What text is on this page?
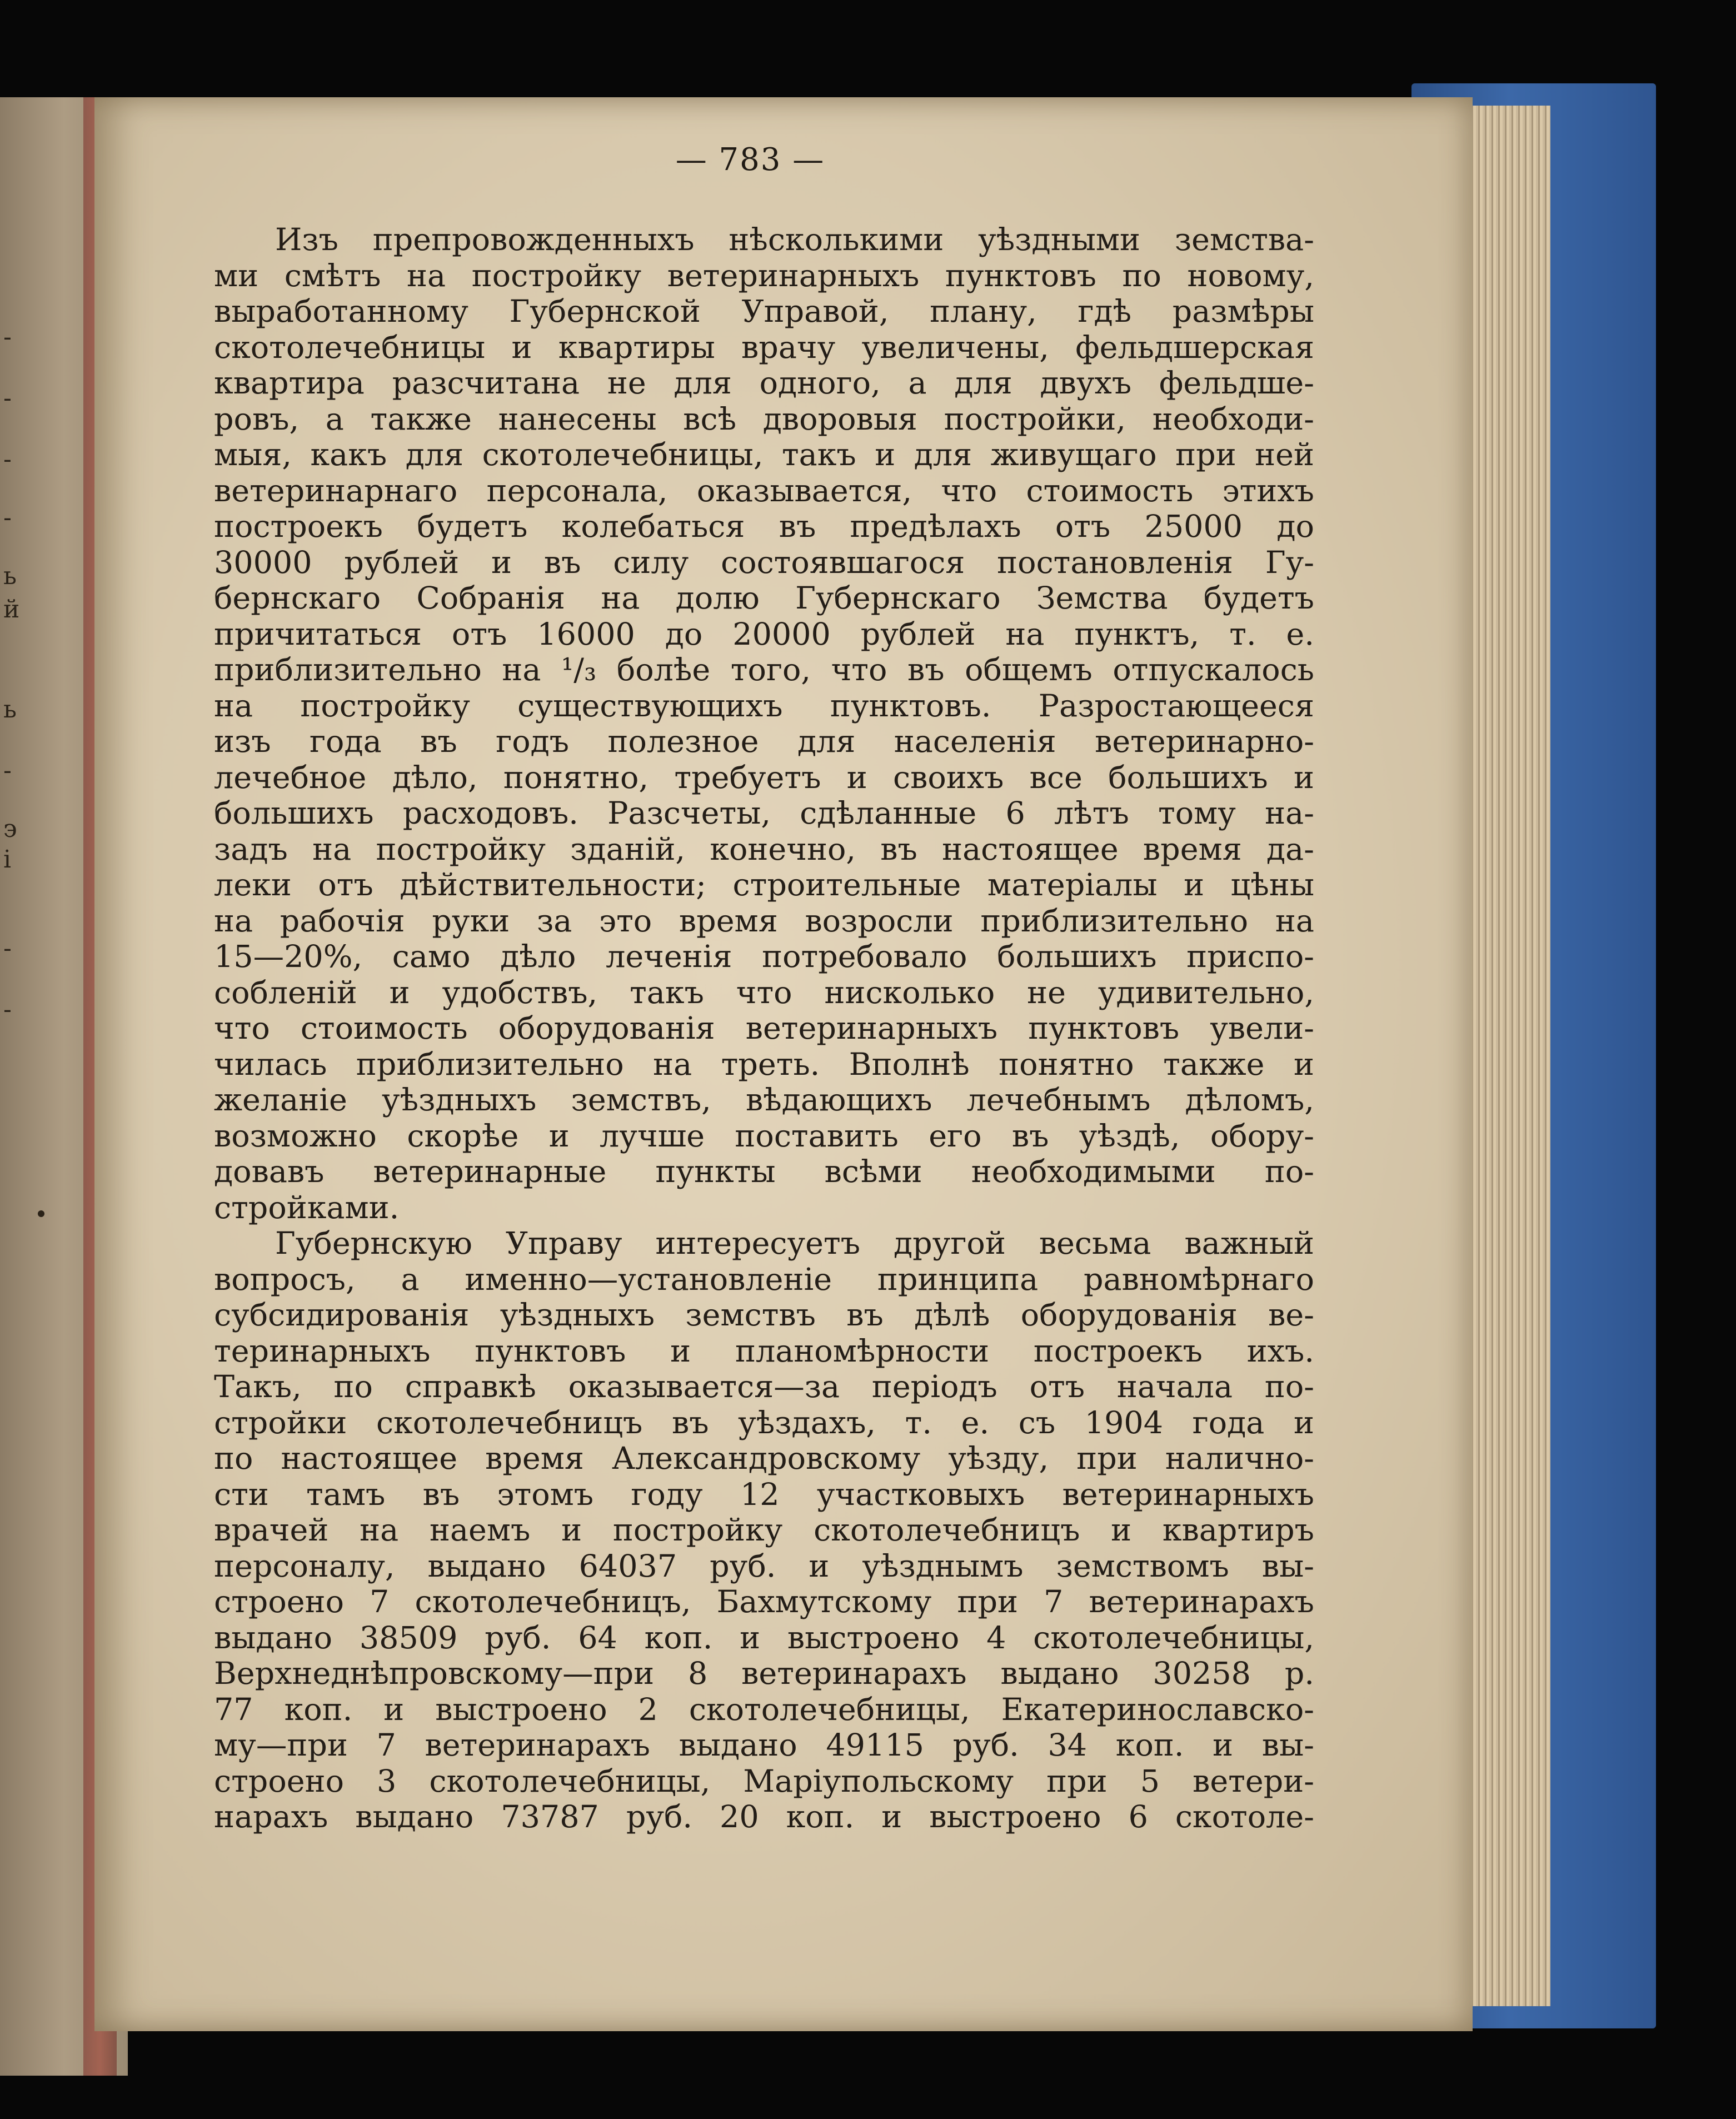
-
-
-
-
ь
й
ь
-
э
і
-
-
— 783 —
Изъ препровожденныхъ нѣсколькими уѣздными земства-
ми смѣтъ на постройку ветеринарныхъ пунктовъ по новому,
выработанному Губернской Управой, плану, гдѣ размѣры
скотолечебницы и квартиры врачу увеличены, фельдшерская
квартира разсчитана не для одного, а для двухъ фельдше-
ровъ, а также нанесены всѣ дворовыя постройки, необходи-
мыя, какъ для скотолечебницы, такъ и для живущаго при ней
ветеринарнаго персонала, оказывается, что стоимость этихъ
построекъ будетъ колебаться въ предѣлахъ отъ 25000 до
30000 рублей и въ силу состоявшагося постановленія Гу-
бернскаго Собранія на долю Губернскаго Земства будетъ
причитаться отъ 16000 до 20000 рублей на пунктъ, т. е.
приблизительно на ¹/₃ болѣе того, что въ общемъ отпускалось
на постройку существующихъ пунктовъ. Разростающееся
изъ года въ годъ полезное для населенія ветеринарно-
лечебное дѣло, понятно, требуетъ и своихъ все большихъ и
большихъ расходовъ. Разсчеты, сдѣланные 6 лѣтъ тому на-
задъ на постройку зданій, конечно, въ настоящее время да-
леки отъ дѣйствительности; строительные матеріалы и цѣны
на рабочія руки за это время возросли приблизительно на
15—20%, само дѣло леченія потребовало большихъ приспо-
собленій и удобствъ, такъ что нисколько не удивительно,
что стоимость оборудованія ветеринарныхъ пунктовъ увели-
чилась приблизительно на треть. Вполнѣ понятно также и
желаніе уѣздныхъ земствъ, вѣдающихъ лечебнымъ дѣломъ,
возможно скорѣе и лучше поставить его въ уѣздѣ, обору-
довавъ ветеринарные пункты всѣми необходимыми по-
стройками.
Губернскую Управу интересуетъ другой весьма важный
вопросъ, а именно—установленіе принципа равномѣрнаго
субсидированія уѣздныхъ земствъ въ дѣлѣ оборудованія ве-
теринарныхъ пунктовъ и планомѣрности построекъ ихъ.
Такъ, по справкѣ оказывается—за періодъ отъ начала по-
стройки скотолечебницъ въ уѣздахъ, т. е. съ 1904 года и
по настоящее время Александровскому уѣзду, при наличнo-
сти тамъ въ этомъ году 12 участковыхъ ветеринарныхъ
врачей на наемъ и постройку скотолечебницъ и квартиръ
персоналу, выдано 64037 руб. и уѣзднымъ земствомъ вы-
строено 7 скотолечебницъ, Бахмутскому при 7 ветеринарахъ
выдано 38509 руб. 64 коп. и выстроено 4 скотолечебницы,
Верхнеднѣпровскому—при 8 ветеринарахъ выдано 30258 р.
77 коп. и выстроено 2 скотолечебницы, Екатеринославско-
му—при 7 ветеринарахъ выдано 49115 руб. 34 коп. и вы-
строено 3 скотолечебницы, Маріупольскому при 5 ветери-
нарахъ выдано 73787 руб. 20 коп. и выстроено 6 скотоле-
